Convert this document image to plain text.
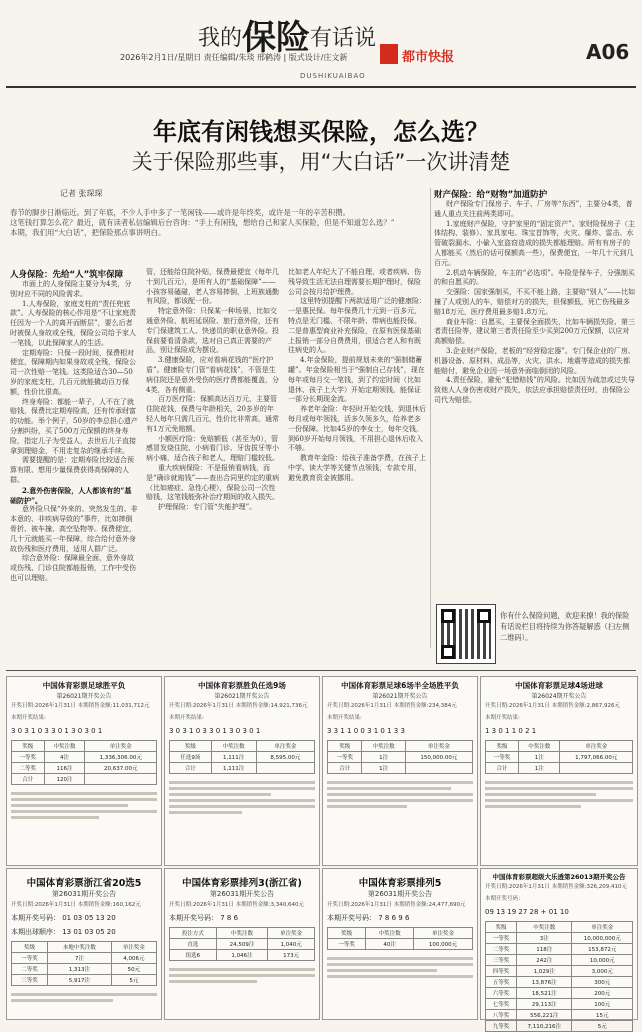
我的保险有话说
2026年2月1日/星期日 责任编辑/朱琰 邢鹤涛 | 版式设计/庄文新	都市快报
DUSHIKUAIBAO
A06
年底有闲钱想买保险，怎么选？
关于保险那些事，用“大白话”一次讲清楚
记者 张琛琛

春节的脚步日渐临近。到了年底，不少人手中多了一笔闲钱——或许是年终奖，或许是一年的辛苦积攒。

这笔钱打算怎么花？最近，就有读者私信编辑后台咨询：“手上有闲钱，想给自己和家人买保险，但是不知道怎么选？”

本期，我们用“大白话”，把保险那点事讲明白。

人身保险：先给“人”筑牢保障

市面上的人身保险主要分为4类，分别对应不同的风险需求。

1.人寿保险，家庭支柱的“责任兜底款”。人寿保险的核心作用是“不让家庭责任因为一个人的离开而断层”，要么后者时被保人身故或全残，保险公司给予家人一笔钱，以此保障家人的生活。

定期寿险：只保一段时间，保费相对便宜，保障期内如果身故或全残，保险公司一次性赔一笔钱。这类险适合30—50岁的家庭支柱，几百元就能撬动百万保额，性价比很高。

终身寿险：都能一辈子，人不在了就赔钱，保费比定期寿险高，还有传承财富的功能。举个例子，50岁的李总担心遗产分割纠纷，买了500万元保额的终身寿险，指定儿子为受益人，去世后儿子直接拿到理赔金，不用走复杂的继承手续。

需要提醒的是：定期寿险比较适合预算有限、想用少量保费获得高保障的人群。

2.意外伤害保险，人人都该有的“基础防护”。

意外险只保“外来的、突然发生的、非本意的、非疾病导致的”事件，比如摔倒骨折、被车撞、高空坠物等。保费便宜，几十元就能买一年保障，综合给付意外身故伤残和医疗费用，适用人群广泛。

综合意外险：保障最全面，意外身故或伤残、门诊住院都能报销，工作中受伤也可以理赔。

管，还能给住院补贴，保费最便宜（每年几十到几百元），是所有人的“基础保障”——小孩容易磕碰，老人容易摔倒，上班族通勤有风险，都该配一份。

特定意外险：只保某一种场景，比如交通意外险、航班延误险、旅行意外险，还有专门保建筑工人、快递员的职业意外险。投保前要看清条款，选对自己真正需要的产品，别让保险成为摆设。

3.健康保险，应对看病花钱的“医疗护盾”。健康险专门管“看病花钱”，不管是生病住院还是意外受伤的医疗费都能覆盖，分4类，各有侧重。

百万医疗险：保额高达百万元，主要管住院花钱，保费与年龄相关，20多岁的年轻人每年只需几百元，性价比非常高，通常有1万元免赔额。

小额医疗险：免赔额低（甚至为0），管感冒发烧住院、小病看门诊、牙齿拔牙等小病小痛，适合孩子和老人，理赔门槛较低。

重大疾病保险：不是报销看病钱，而是“确诊就赔钱”——查出合同里约定的重病（比如癌症、急性心梗），保险公司一次性赔钱，这笔钱能弥补治疗期间的收入损失。

护理保险：专门管“失能护理”。

比如老人年纪大了不能自理，或者疾病、伤残导致生活无法自理需要长期护理时，保险公司会按月给护理费。

这里特别提醒下两款适用广泛的健康险：一是惠民保。每年保费几十元到一百多元，特点是无门槛、不限年龄、带病也能投保。二是普惠型商业补充保险，在原有医保基础上报销一部分自费费用，很适合老人和有既往病史的人。

4.年金保险，提前规划未来的“强制储蓄罐”。年金保险相当于“强制自己存钱”，现在每年或每月交一笔钱，到了约定时间（比如退休、孩子上大学）开始定期领钱，能保证一部分长期现金流。

养老年金险：年轻时开始交钱，到退休后每月或每年领钱，活多久领多久，给养老多一份保障。比如45岁的李女士，每年交钱，到60岁开始每月领钱，不用担心退休后收入不够。

教育年金险：给孩子准备学费，在孩子上中学、读大学等关键节点领钱，专款专用，避免教育资金被挪用。

财产保险：给“财物”加道防护

财产保险专门保房子、车子、厂房等“东西”，主要分4类，普通人重点关注前两类即可。

1.家庭财产保险，守护家里的“固定资产”。家财险保房子（主体结构、装修）、家具家电、珠宝首饰等，火灾、爆炸、雷击、水管破裂漏水、小偷入室盗窃造成的损失都能理赔。所有有房子的人都能买（然后的话可保额高一些），保费便宜，一年几十元到几百元。

2.机动车辆保险，车主的“必选项”。车险是保车子，分强制买的和自愿买的。

交强险：国家强制买，不买不能上路，主要赔“别人”——比如撞了人或别人的车，赔偿对方的损失，但保额低，死亡伤残最多赔18万元，医疗费用最多赔1.8万元。

商业车险：自愿买，主要保全面损失，比如车辆损失险、第三者责任险等，建议第三者责任险至少买到200万元保额，以应对高额赔偿。

3.企业财产保险，老板的“经营稳定器”。专门保企业的厂房、机器设备、原材料、成品等，火灾、洪水、地震等造成的损失都能赔付，避免企业因一场意外面临倒闭的风险。

4.责任保险，避免“犯错赔钱”的风险。比如因为疏忽或过失导致他人人身伤害或财产损失，依法应承担赔偿责任时，由保险公司代为赔偿。

你有什么保险问题，欢迎来撩！我的保险有话说栏目将持续为你答疑解惑（扫左侧二维码）。
中国体育彩票足球胜平负
第26021期开奖公告
开奖日期:2026年1月31日 本期销售金额:11,031,712元
本期开奖结果:
3 0 3 1 0 3 3 0 1 3 0 3 0 1
奖级	中奖注数	单注奖金
一等奖	4注	1,336,306.00元
二等奖	116注	20,637.00元
合计	120注	
中国体育彩票胜负任选9场
第26021期开奖公告
开奖日期:2026年1月31日 本期销售金额:14,921,736元
本期开奖结果:
3 0 3 1 0 3 3 0 1 3 0 3 0 1
奖级	中奖注数	单注奖金
任选9场	1,111注	8,595.00元
合计	1,111注	
中国体育彩票足球6场半全场胜平负
第26021期开奖公告
开奖日期:2026年1月31日 本期销售金额:234,384元
本期开奖结果:
3 3 1 1 0 0 3 1 0 1 3 3
奖级	中奖注数	单注奖金
一等奖	1注	150,000.00元
合计	1注	
中国体育彩票足球4场进球
第26024期开奖公告
开奖日期:2026年1月31日 本期销售金额:2,867,926元
本期开奖结果:
1 3 0 1 1 0 2 1
奖级	中奖注数	单注奖金
一等奖	1注	1,797,066.00元
合计	1注	
中国体育彩票浙江省20选5
第26031期开奖公告
开奖日期:2026年1月31日 本期销售金额:160,162元
本期开奖号码： 01 03 05 13 20
本期出球顺序： 13 01 03 05 20
奖级	本地中奖注数	单注奖金
一等奖	7注	4,006元
二等奖	1,313注	50元
三等奖	5,917注	5元
中国体育彩票排列3(浙江省)
第26031期开奖公告
开奖日期:2026年1月31日 本期销售金额:3,340,640元
本期开奖号码： 7 8 6
投注方式	中奖注数	单注奖金
直选	24,509注	1,040元
组选6	1,046注	173元
中国体育彩票排列5
第26031期开奖公告
开奖日期:2026年1月31日 本期销售金额:24,477,690元
本期开奖号码： 7 8 6 9 6
奖级	中奖注数	单注奖金
一等奖	40注	100,000元
中国体育彩票超级大乐透第26013期开奖公告
开奖日期:2026年1月31日 本期销售金额:326,209,410元
本期开奖号码：
09 13 19 27 28 + 01 10
奖级	中奖注数	单注奖金
一等奖	3注	10,000,000元
二等奖	118注	153,872元
三等奖	242注	10,000元
四等奖	1,029注	3,000元
五等奖	13,876注	300元
六等奖	18,521注	200元
七等奖	29,113注	100元
八等奖	556,221注	15元
九等奖	7,110,216注	5元
